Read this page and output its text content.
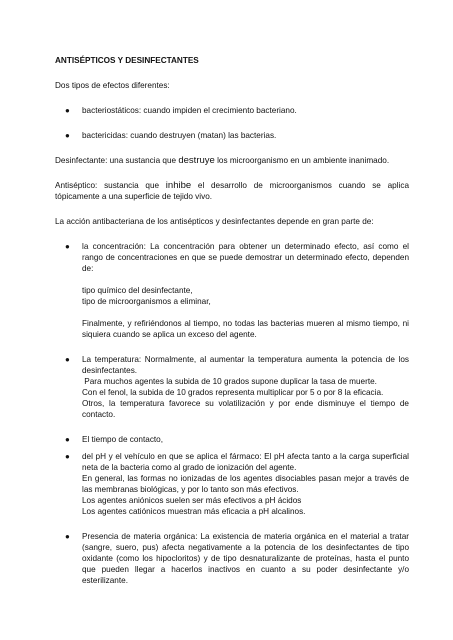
ANTISÉPTICOS Y DESINFECTANTES
Dos tipos de efectos diferentes:
● bacteriostáticos: cuando impiden el crecimiento bacteriano.
● bactericidas: cuando destruyen (matan) las bacterias.
Desinfectante: una sustancia que destruye los microorganismo en un ambiente inanimado.
Antiséptico: sustancia que inhibe el desarrollo de microorganismos cuando se aplica tópicamente a una superficie de tejido vivo.
La acción antibacteriana de los antisépticos y desinfectantes depende en gran parte de:
● la concentración: La concentración para obtener un determinado efecto, así como el rango de concentraciones en que se puede demostrar un determinado efecto, dependen de:
tipo químico del desinfectante,
tipo de microorganismos a eliminar,
Finalmente, y refiriéndonos al tiempo, no todas las bacterias mueren al mismo tiempo, ni siquiera cuando se aplica un exceso del agente.
● La temperatura: Normalmente, al aumentar la temperatura aumenta la potencia de los desinfectantes.
Para muchos agentes la subida de 10 grados supone duplicar la tasa de muerte.
Con el fenol, la subida de 10 grados representa multiplicar por 5 o por 8 la eficacia.
Otros, la temperatura favorece su volatilización y por ende disminuye el tiempo de contacto.
● El tiempo de contacto,
● del pH y el vehículo en que se aplica el fármaco: El pH afecta tanto a la carga superficial neta de la bacteria como al grado de ionización del agente.
En general, las formas no ionizadas de los agentes disociables pasan mejor a través de las membranas biológicas, y por lo tanto son más efectivos.
Los agentes aniónicos suelen ser más efectivos a pH ácidos
Los agentes catiónicos muestran más eficacia a pH alcalinos.
● Presencia de materia orgánica: La existencia de materia orgánica en el material a tratar (sangre, suero, pus) afecta negativamente a la potencia de los desinfectantes de tipo oxidante (como los hipocloritos) y de tipo desnaturalizante de proteínas, hasta el punto que pueden llegar a hacerlos inactivos en cuanto a su poder desinfectante y/o esterilizante.
